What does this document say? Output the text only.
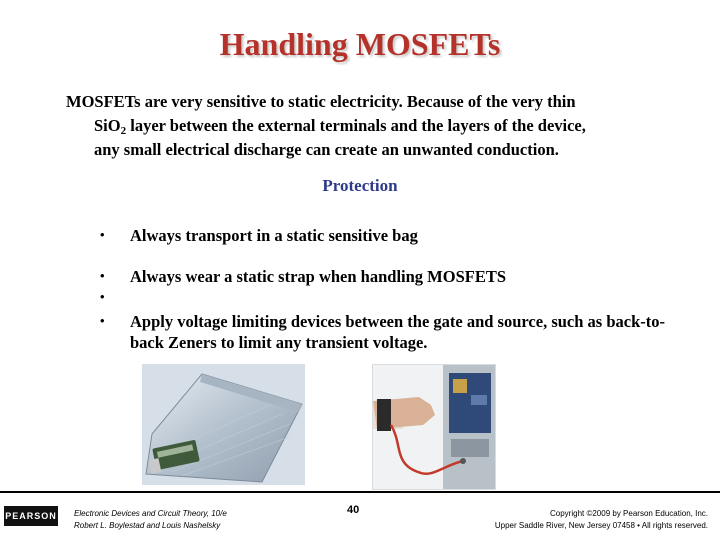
Handling MOSFETs
MOSFETs are very sensitive to static electricity. Because of the very thin
SiO$_2$ layer between the external terminals and the layers of the device,
any small electrical discharge can create an unwanted conduction.
Protection
• Always transport in a static sensitive bag
• Always wear a static strap when handling MOSFETS
•
• Apply voltage limiting devices between the gate and source, such as back-to-back Zeners to limit any transient voltage.
PEARSON Electronic Devices and Circuit Theory, 10/e
Robert L. Boylestad and Louis Nashelsky
40	Copyright ©2009 by Pearson Education, Inc.
Upper Saddle River, New Jersey 07458 • All rights reserved.
